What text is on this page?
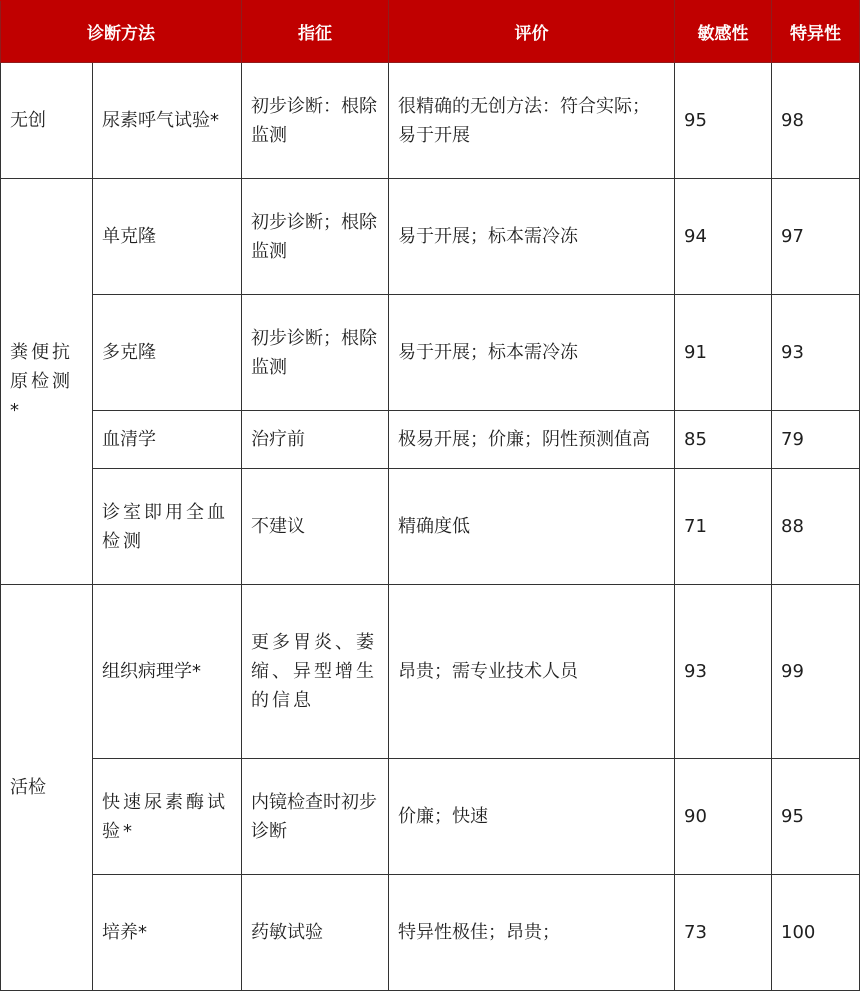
诊断方法		指征	评价	敏感性	特异性
无创	尿素呼气试验*	初步诊断：根除监测	很精确的无创方法：符合实际；易于开展	95	98
粪便抗原检测*	单克隆	初步诊断；根除监测	易于开展；标本需冷冻	94	97
	多克隆	初步诊断；根除监测	易于开展；标本需冷冻	91	93
	血清学	治疗前	极易开展；价廉；阴性预测值高	85	79
	诊室即用全血检测	不建议	精确度低	71	88
活检	组织病理学*	更多胃炎、萎缩、异型增生的信息	昂贵；需专业技术人员	93	99
	快速尿素酶试验*	内镜检查时初步诊断	价廉；快速	90	95
	培养*	药敏试验	特异性极佳；昂贵；	73	100
